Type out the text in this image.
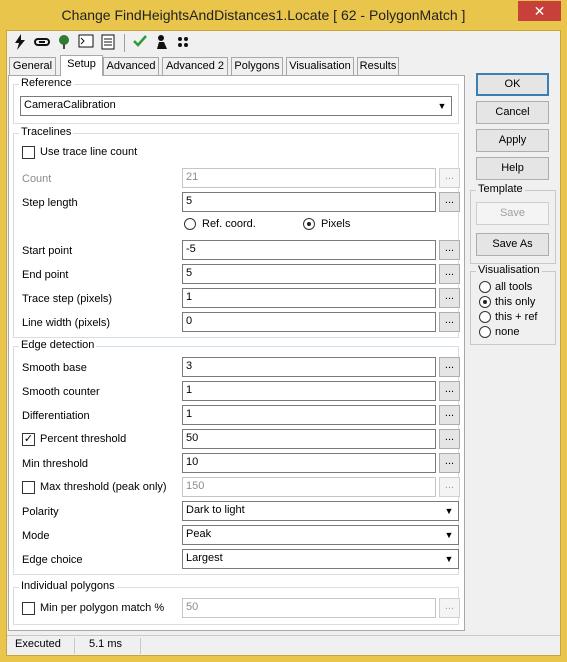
Change FindHeightsAndDistances1.Locate [ 62 - PolygonMatch ]	✕
General	Setup Advanced Advanced 2 Polygons Visualisation Results
Reference
CameraCalibration	▼
Tracelines
Use trace line count
Count	21	...
Step length	5	...
Ref. coord.	Pixels
Start point	-5	...
End point	5	...
Trace step (pixels)	1	...
Line width (pixels)	0	...
Edge detection
Smooth base	3	...
Smooth counter	1	...
Differentiation	1	...
✓ Percent threshold	50	...
Min threshold	10	...
Max threshold (peak only)	150	...
Polarity	Dark to light	▼
Mode	Peak	▼
Edge choice	Largest	▼
Individual polygons
Min per polygon match %	50	...
OK
Cancel
Apply
Help
Template
Save
Save As
Visualisation
all tools
this only
this + ref
none
Executed	5.1 ms
